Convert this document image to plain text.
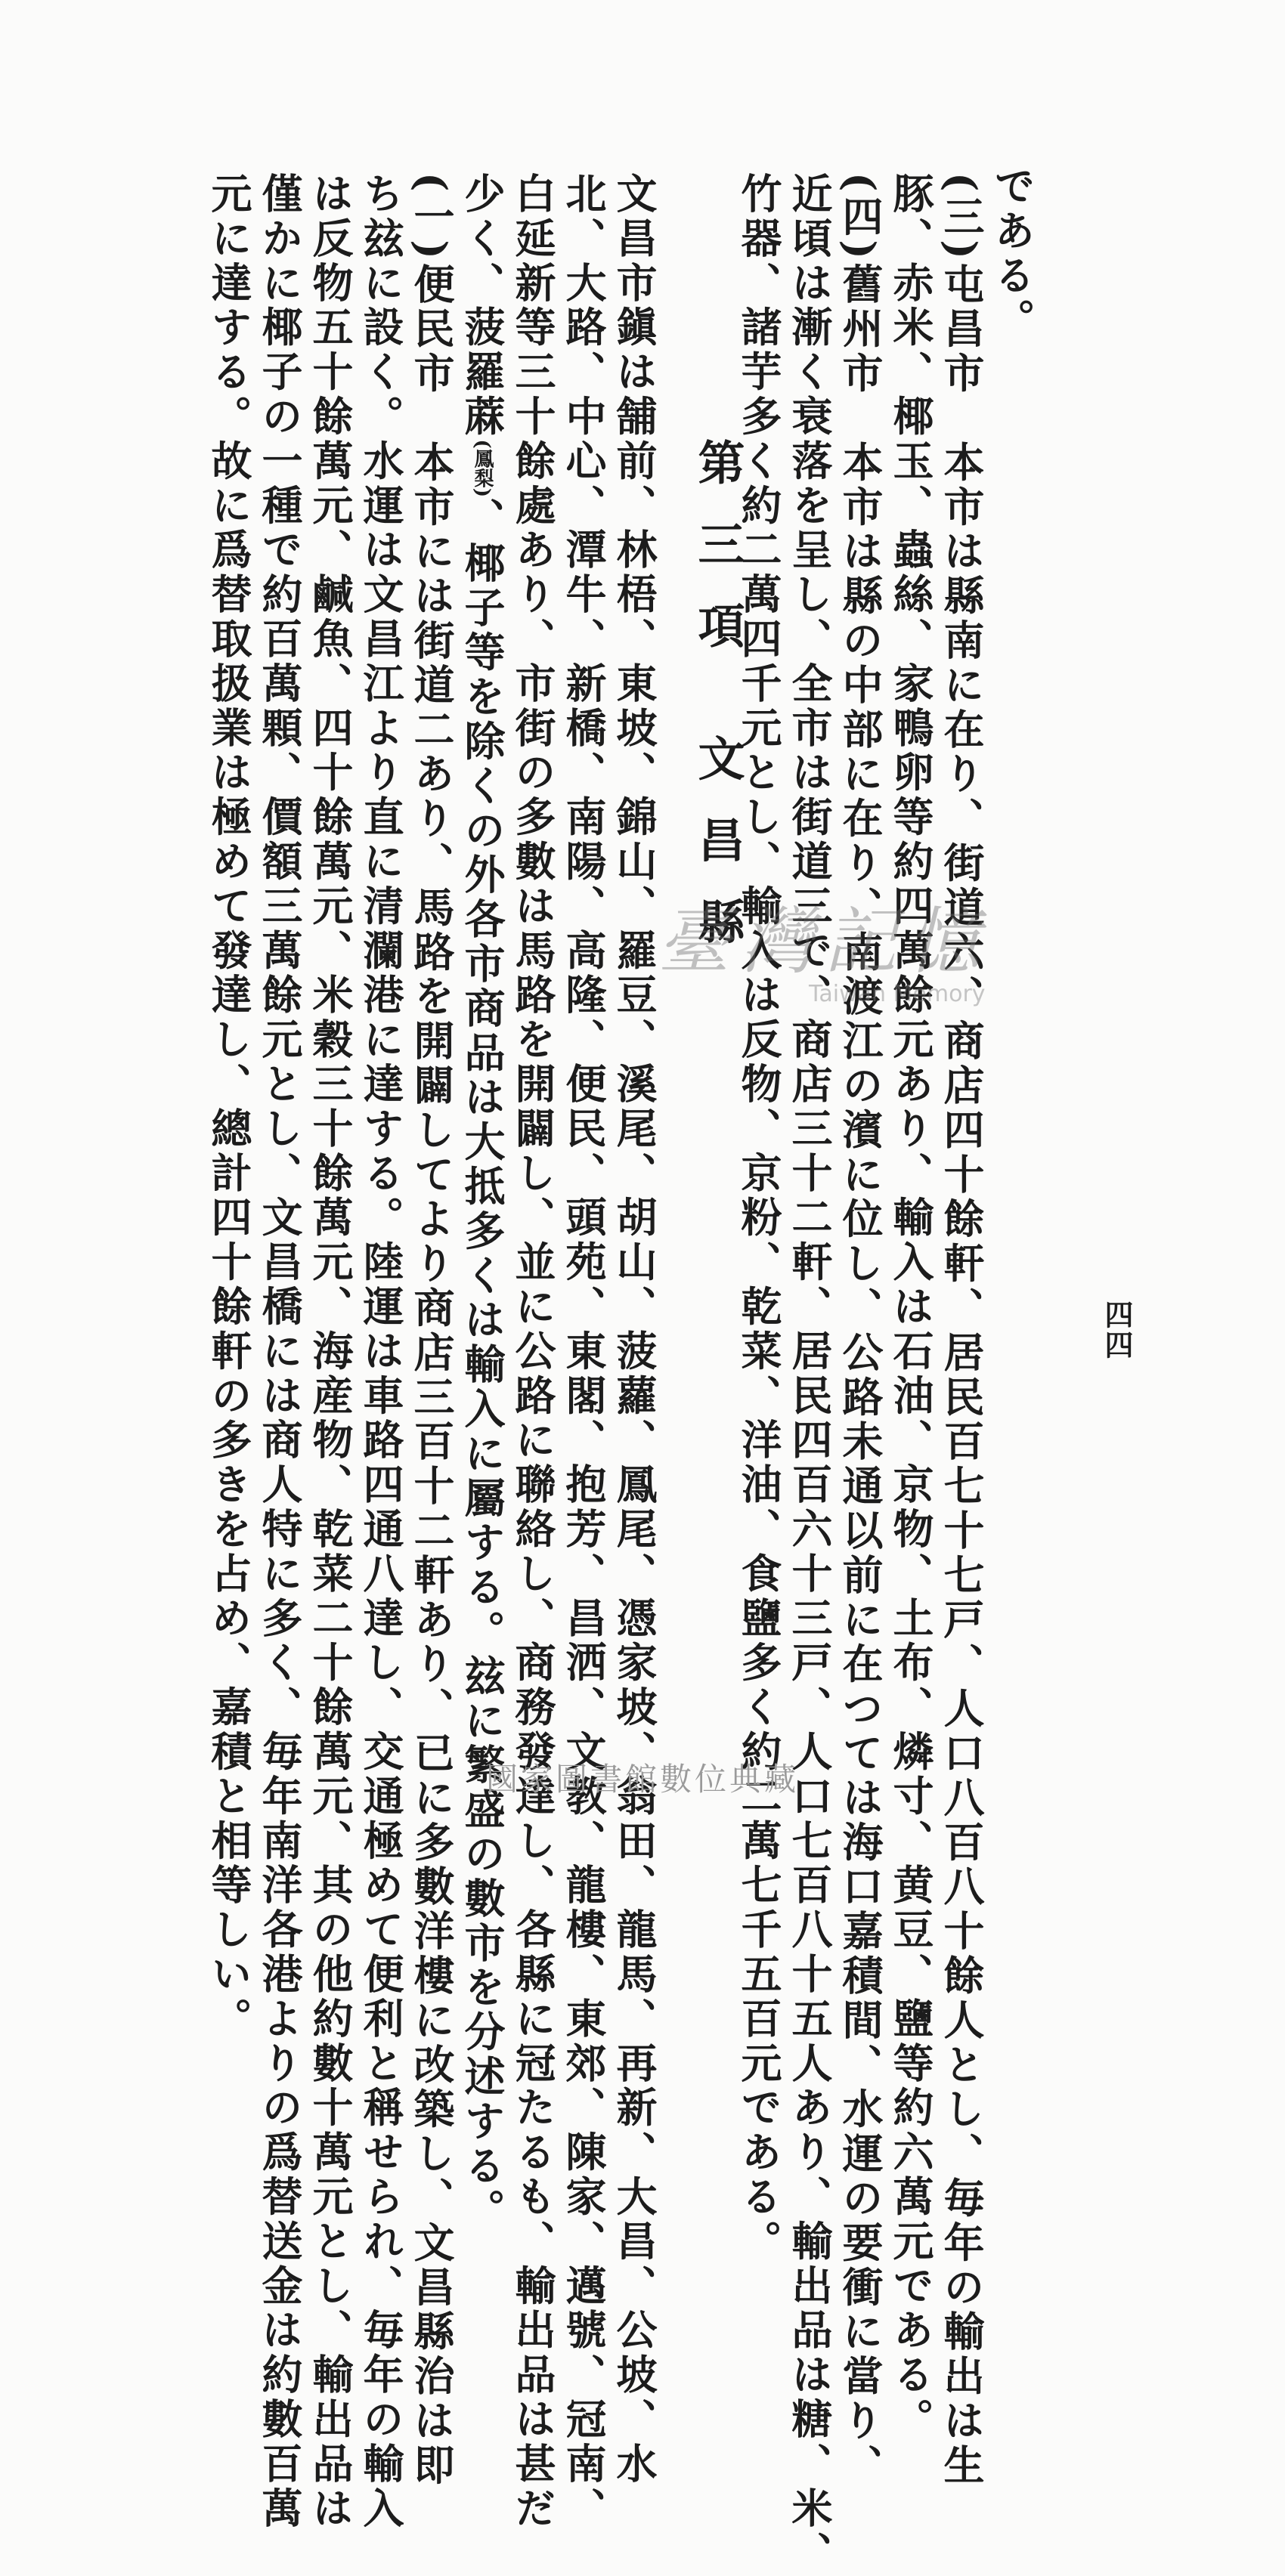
四四
である。
(三)屯昌市　本市は縣南に在り、街道六、商店四十餘軒、居民百七十七戸、人口八百八十餘人とし、毎年の輸出は生
豚、赤米、椰玉、蟲絲、家鴨卵等約四萬餘元あり、輸入は石油、京物、土布、燐寸、黄豆、鹽等約六萬元である。
(四)舊州市　本市は縣の中部に在り、南渡江の濱に位し、公路未通以前に在つては海口嘉積間、水運の要衝に當り、
近頃は漸く衰落を呈し、全市は街道三で、商店三十二軒、居民四百六十三戸、人口七百八十五人あり、輸出品は糖、米、
竹器、諸芋多く約二萬四千元とし、輸入は反物、京粉、乾菜、洋油、食鹽多く約二萬七千五百元である。
第三項 文昌縣
文昌市鎭は舗前、林梧、東坡、錦山、羅豆、溪尾、胡山、菠蘿、鳳尾、憑家坡、翁田、龍馬、再新、大昌、公坡、水
北、大路、中心、潭牛、新橋、南陽、高隆、便民、頭苑、東閣、抱芳、昌洒、文教、龍樓、東郊、陳家、邁號、冠南、
白延新等三十餘處あり、市街の多數は馬路を開闢し、並に公路に聯絡し、商務發達し、各縣に冠たるも、輸出品は甚だ
少く、菠羅蔴(鳳梨)、椰子等を除くの外各市商品は大抵多くは輸入に屬する。玆に繁盛の數市を分述する。
(一)便民市　本市には街道二あり、馬路を開闢してより商店三百十二軒あり、已に多數洋樓に改築し、文昌縣治は即
ち玆に設く。水運は文昌江より直に清瀾港に達する。陸運は車路四通八達し、交通極めて便利と稱せられ、毎年の輸入
は反物五十餘萬元、鹹魚、四十餘萬元、米穀三十餘萬元、海産物、乾菜二十餘萬元、其の他約數十萬元とし、輸出品は
僅かに椰子の一種で約百萬顆、價額三萬餘元とし、文昌橋には商人特に多く、毎年南洋各港よりの爲替送金は約數百萬
元に達する。故に爲替取扱業は極めて發達し、總計四十餘軒の多きを占め、嘉積と相等しい。	臺灣記憶
Taiwan Memory
國家圖書館數位典藏
